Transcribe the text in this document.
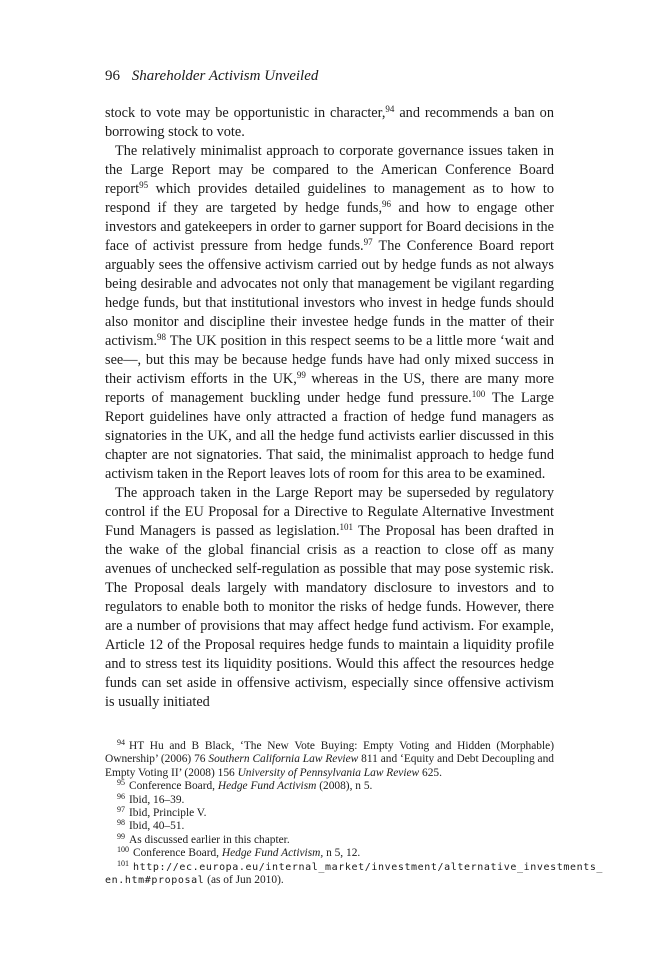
96 Shareholder Activism Unveiled

stock to vote may be opportunistic in character,$^{94}$ and recommends a ban on borrowing stock to vote.

The relatively minimalist approach to corporate governance issues taken in the Large Report may be compared to the American Conference Board report$^{95}$ which provides detailed guidelines to management as to how to respond if they are targeted by hedge funds,$^{96}$ and how to engage other investors and gatekeepers in order to garner support for Board decisions in the face of activist pressure from hedge funds.$^{97}$ The Conference Board report arguably sees the offensive activism carried out by hedge funds as not always being desirable and advocates not only that management be vigilant regarding hedge funds, but that institutional investors who invest in hedge funds should also monitor and discipline their investee hedge funds in the matter of their activism.$^{98}$ The UK position in this respect seems to be a little more ‘wait and see—, but this may be because hedge funds have had only mixed success in their activism efforts in the UK,$^{99}$ whereas in the US, there are many more reports of management buckling under hedge fund pressure.$^{100}$ The Large Report guidelines have only attracted a fraction of hedge fund managers as signatories in the UK, and all the hedge fund activists earlier discussed in this chapter are not signatories. That said, the minimalist approach to hedge fund activism taken in the Report leaves lots of room for this area to be examined.

The approach taken in the Large Report may be superseded by regulatory control if the EU Proposal for a Directive to Regulate Alternative Investment Fund Managers is passed as legislation.$^{101}$ The Proposal has been drafted in the wake of the global financial crisis as a reaction to close off as many avenues of unchecked self-regulation as possible that may pose systemic risk. The Proposal deals largely with mandatory disclosure to investors and to regulators to enable both to monitor the risks of hedge funds. However, there are a number of provisions that may affect hedge fund activism. For example, Article 12 of the Proposal requires hedge funds to maintain a liquidity profile and to stress test its liquidity positions. Would this affect the resources hedge funds can set aside in offensive activism, especially since offensive activism is usually initiated

$^{94}$ HT Hu and B Black, ‘The New Vote Buying: Empty Voting and Hidden (Morphable) Ownership’ (2006) 76 Southern California Law Review 811 and ‘Equity and Debt Decoupling and Empty Voting II’ (2008) 156 University of Pennsylvania Law Review 625.

$^{95}$ Conference Board, Hedge Fund Activism (2008), n 5.

$^{96}$ Ibid, 16–39.

$^{97}$ Ibid, Principle V.

$^{98}$ Ibid, 40–51.

$^{99}$ As discussed earlier in this chapter.

$^{100}$ Conference Board, Hedge Fund Activism, n 5, 12.

$^{101}$ http://ec.europa.eu/internal_market/investment/alternative_investments_ en.htm#proposal (as of Jun 2010).
